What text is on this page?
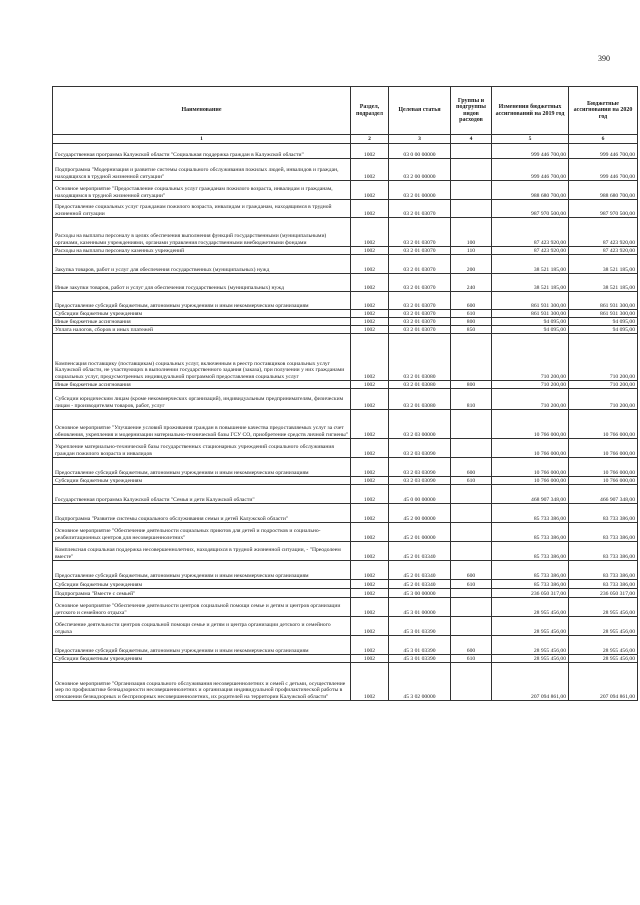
390
Наименование	Раздел, подраздел	Целевая статья	Группы и подгруппы видов расходов	Изменения бюджетных ассигнований на 2019 год	Бюджетные ассигнования на 2020 год
1	2	3	4	5	6
Государственная программа Калужской области "Социальная поддержка граждан в Калужской области"	1002	03 0 00 00000		999 446 700,00	999 446 700,00
Подпрограмма "Модернизация и развитие системы социального обслуживания пожилых людей, инвалидов и граждан, находящихся в трудной жизненной ситуации"	1002	03 2 00 00000		999 446 700,00	999 446 700,00
Основное мероприятие "Предоставление социальных услуг гражданам пожилого возраста, инвалидам и гражданам, находящимся в трудной жизненной ситуации"	1002	03 2 01 00000		988 680 700,00	988 680 700,00
Предоставление социальных услуг гражданам пожилого возраста, инвалидам и гражданам, находящимся в трудной жизненной ситуации	1002	03 2 01 03070		987 970 500,00	987 970 500,00
Расходы на выплаты персоналу в целях обеспечения выполнения функций государственными (муниципальными) органами, казенными учреждениями, органами управления государственными внебюджетными фондами	1002	03 2 01 03070	100	87 423 920,00	87 423 920,00
Расходы на выплаты персоналу казенных учреждений	1002	03 2 01 03070	110	87 423 920,00	87 423 920,00
Закупка товаров, работ и услуг для обеспечения государственных (муниципальных) нужд	1002	03 2 01 03070	200	38 521 185,00	38 521 185,00
Иные закупки товаров, работ и услуг для обеспечения государственных (муниципальных) нужд	1002	03 2 01 03070	240	38 521 185,00	38 521 185,00
Предоставление субсидий бюджетным, автономным учреждениям и иным некоммерческим организациям	1002	03 2 01 03070	600	861 931 300,00	861 931 300,00
Субсидии бюджетным учреждениям	1002	03 2 01 03070	610	861 931 300,00	861 931 300,00
Иные бюджетные ассигнования	1002	03 2 01 03070	800	94 095,00	94 095,00
Уплата налогов, сборов и иных платежей	1002	03 2 01 03070	850	94 095,00	94 095,00
Компенсация поставщику (поставщикам) социальных услуг, включенным в реестр поставщиков социальных услуг Калужской области, не участвующих в выполнении государственного задания (заказа), при получении у них гражданами социальных услуг, предусмотренных индивидуальной программой предоставления социальных услуг	1002	03 2 01 03080		710 200,00	710 200,00
Иные бюджетные ассигнования	1002	03 2 01 03080	800	710 200,00	710 200,00
Субсидии юридическим лицам (кроме некоммерческих организаций), индивидуальным предпринимателям, физическим лицам - производителям товаров, работ, услуг	1002	03 2 01 03080	810	710 200,00	710 200,00
Основное мероприятие "Улучшение условий проживания граждан в повышение качества предоставляемых услуг за счет обновления, укрепления и модернизации материально-технической базы ГСУ СО, приобретение средств личной гигиены"	1002	03 2 03 00000		10 766 000,00	10 766 000,00
Укрепление материально-технической базы государственных стационарных учреждений социального обслуживания граждан пожилого возраста и инвалидов	1002	03 2 03 03090		10 766 000,00	10 766 000,00
Предоставление субсидий бюджетным, автономным учреждениям и иным некоммерческим организациям	1002	03 2 03 03090	600	10 766 000,00	10 766 000,00
Субсидии бюджетным учреждениям	1002	03 2 03 03090	610	10 766 000,00	10 766 000,00
Государственная программа Калужской области "Семья и дети Калужской области"	1002	45 0 00 00000		468 907 348,00	466 907 348,00
Подпрограмма "Развитие системы социального обслуживания семьи и детей Калужской области"	1002	45 2 00 00000		85 733 386,00	83 733 386,00
Основное мероприятие "Обеспечение деятельности социальных приютов для детей и подростков и социально-реабилитационных центров для несовершеннолетних"	1002	45 2 01 00000		85 733 386,00	83 733 386,00
Комплексная социальная поддержка несовершеннолетних, находящихся в трудной жизненной ситуации, - "Преодолеем вместе"	1002	45 2 01 03340		85 733 386,00	83 733 386,00
Предоставление субсидий бюджетным, автономным учреждениям и иным некоммерческим организациям	1002	45 2 01 03340	600	85 733 386,00	83 733 386,00
Субсидии бюджетным учреждениям	1002	45 2 01 03340	610	85 733 386,00	83 733 386,00
Подпрограмма "Вместе с семьей"	1002	45 3 00 00000		236 050 317,00	236 050 317,00
Основное мероприятие "Обеспечение деятельности центров социальной помощи семье и детям и центров организации детского и семейного отдыха"	1002	45 3 01 00000		28 955 456,00	28 955 456,00
Обеспечение деятельности центров социальной помощи семье и детям и центра организации детского и семейного отдыха	1002	45 3 01 03390		28 955 456,00	28 955 456,00
Предоставление субсидий бюджетным, автономным учреждениям и иным некоммерческим организациям	1002	45 3 01 03390	600	28 955 456,00	28 955 456,00
Субсидии бюджетным учреждениям	1002	45 3 01 03390	610	28 955 456,00	28 955 456,00
Основное мероприятие "Организация социального обслуживания несовершеннолетних и семей с детьми, осуществление мер по профилактике безнадзорности несовершеннолетних и организация индивидуальной профилактической работы в отношении безнадзорных и беспризорных несовершеннолетних, их родителей на территории Калужской области"	1002	45 3 02 00000		207 094 861,00	207 094 861,00
